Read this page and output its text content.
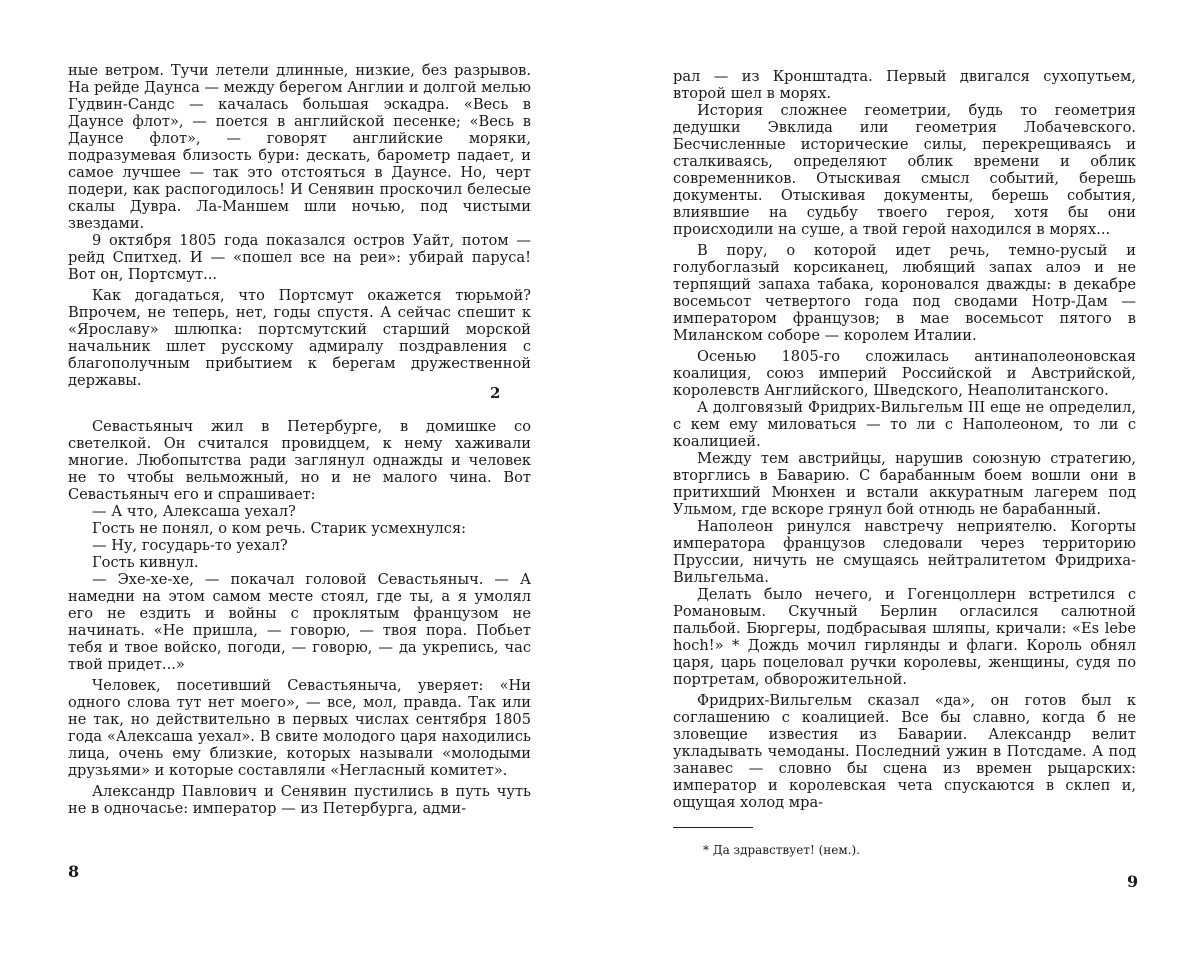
ные ветром. Тучи летели длинные, низкие, без разрывов. На рейде Даунса — между берегом Англии и долгой мелью Гудвин-Сандс — качалась большая эскадра. «Весь в Даунсе флот», — поется в английской песенке; «Весь в Даунсе флот», — говорят английские моряки, подразумевая близость бури: дескать, барометр падает, и самое лучшее — так это отстояться в Даунсе. Но, черт подери, как распогодилось! И Сенявин проскочил белесые скалы Дувра. Ла-Маншем шли ночью, под чистыми звездами.

9 октября 1805 года показался остров Уайт, потом — рейд Спитхед. И — «пошел все на реи»: убирай паруса! Вот он, Портсмут...

Как догадаться, что Портсмут окажется тюрьмой? Впрочем, не теперь, нет, годы спустя. А сейчас спешит к «Ярославу» шлюпка: портсмутский старший морской начальник шлет русскому адмиралу поздравления с благополучным прибытием к берегам дружественной державы.

2

Севастьяныч жил в Петербурге, в домишке со светелкой. Он считался провидцем, к нему хаживали многие. Любопытства ради заглянул однажды и человек не то чтобы вельможный, но и не малого чина. Вот Севастьяныч его и спрашивает:

— А что, Алексаша уехал?

Гость не понял, о ком речь. Старик усмехнулся:

— Ну, государь-то уехал?

Гость кивнул.

— Эхе-хе-хе, — покачал головой Севастьяныч. — А намедни на этом самом месте стоял, где ты, а я умолял его не ездить и войны с проклятым французом не начинать. «Не пришла, — говорю, — твоя пора. Побьет тебя и твое войско, погоди, — говорю, — да укрепись, час твой придет...»

Человек, посетивший Севастьяныча, уверяет: «Ни одного слова тут нет моего», — все, мол, правда. Так или не так, но действительно в первых числах сентября 1805 года «Алексаша уехал». В свите молодого царя находились лица, очень ему близкие, которых называли «молодыми друзьями» и которые составляли «Негласный комитет».

Александр Павлович и Сенявин пустились в путь чуть не в одночасье: император — из Петербурга, адми-

8

рал — из Кронштадта. Первый двигался сухопутьем, второй шел в морях.

История сложнее геометрии, будь то геометрия дедушки Эвклида или геометрия Лобачевского. Бесчисленные исторические силы, перекрещиваясь и сталкиваясь, определяют облик времени и облик современников. Отыскивая смысл событий, берешь документы. Отыскивая документы, берешь события, влиявшие на судьбу твоего героя, хотя бы они происходили на суше, а твой герой находился в морях...

В пору, о которой идет речь, темно-русый и голубоглазый корсиканец, любящий запах алоэ и не терпящий запаха табака, короновался дважды: в декабре восемьсот четвертого года под сводами Нотр-Дам — императором французов; в мае восемьсот пятого в Миланском соборе — королем Италии.

Осенью 1805-го сложилась антинаполеоновская коалиция, союз империй Российской и Австрийской, королевств Английского, Шведского, Неаполитанского.

А долговязый Фридрих-Вильгельм III еще не определил, с кем ему миловаться — то ли с Наполеоном, то ли с коалицией.

Между тем австрийцы, нарушив союзную стратегию, вторглись в Баварию. С барабанным боем вошли они в притихший Мюнхен и встали аккуратным лагерем под Ульмом, где вскоре грянул бой отнюдь не барабанный.

Наполеон ринулся навстречу неприятелю. Когорты императора французов следовали через территорию Пруссии, ничуть не смущаясь нейтралитетом Фридриха-Вильгельма.

Делать было нечего, и Гогенцоллерн встретился с Романовым. Скучный Берлин огласился салютной пальбой. Бюргеры, подбрасывая шляпы, кричали: «Es lebe hoch!» * Дождь мочил гирлянды и флаги. Король обнял царя, царь поцеловал ручки королевы, женщины, судя по портретам, обворожительной.

Фридрих-Вильгельм сказал «да», он готов был к соглашению с коалицией. Все бы славно, когда б не зловещие известия из Баварии. Александр велит укладывать чемоданы. Последний ужин в Потсдаме. А под занавес — словно бы сцена из времен рыцарских: император и королевская чета спускаются в склеп и, ощущая холод мра-

* Да здравствует! (нем.).
9
